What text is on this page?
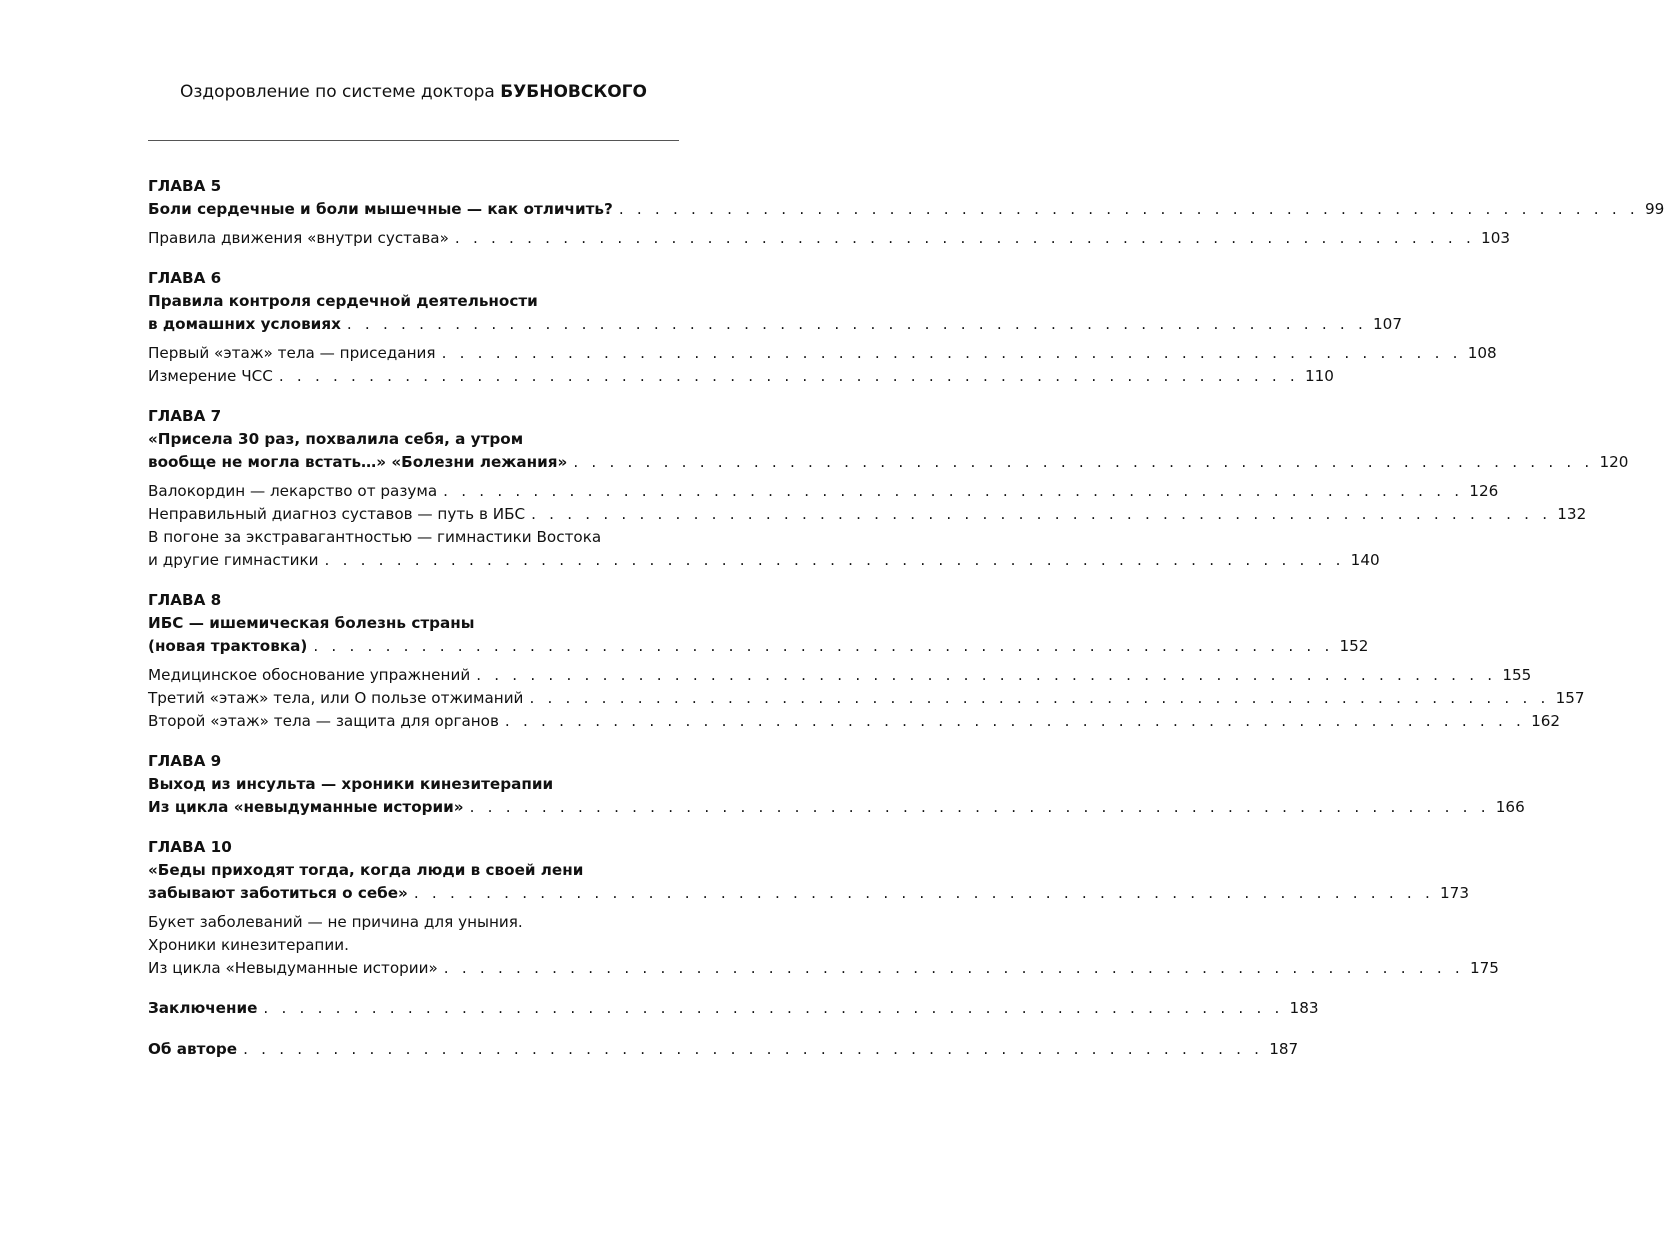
Оздоровление по системе доктора БУБНОВСКОГО
ГЛАВА 5
Боли сердечные и боли мышечные — как отличить? . . . . . . . . . . . . . . . . . . . . . . . . . . . . . . . . . . . . . . . . . . . . . . . . . . . . . . . . . 99
Правила движения «внутри сустава» . . . . . . . . . . . . . . . . . . . . . . . . . . . . . . . . . . . . . . . . . . . . . . . . . . . . . . . . . 103
ГЛАВА 6
Правила контроля сердечной деятельности
в домашних условиях . . . . . . . . . . . . . . . . . . . . . . . . . . . . . . . . . . . . . . . . . . . . . . . . . . . . . . . . . 107
Первый «этаж» тела — приседания . . . . . . . . . . . . . . . . . . . . . . . . . . . . . . . . . . . . . . . . . . . . . . . . . . . . . . . . . 108
Измерение ЧСС . . . . . . . . . . . . . . . . . . . . . . . . . . . . . . . . . . . . . . . . . . . . . . . . . . . . . . . . . 110
ГЛАВА 7
«Присела 30 раз, похвалила себя, а утром
вообще не могла встать…» «Болезни лежания» . . . . . . . . . . . . . . . . . . . . . . . . . . . . . . . . . . . . . . . . . . . . . . . . . . . . . . . . . 120
Валокордин — лекарство от разума . . . . . . . . . . . . . . . . . . . . . . . . . . . . . . . . . . . . . . . . . . . . . . . . . . . . . . . . . 126
Неправильный диагноз суставов — путь в ИБС . . . . . . . . . . . . . . . . . . . . . . . . . . . . . . . . . . . . . . . . . . . . . . . . . . . . . . . . . 132
В погоне за экстравагантностью — гимнастики Востока
и другие гимнастики . . . . . . . . . . . . . . . . . . . . . . . . . . . . . . . . . . . . . . . . . . . . . . . . . . . . . . . . . 140
ГЛАВА 8
ИБС — ишемическая болезнь страны
(новая трактовка) . . . . . . . . . . . . . . . . . . . . . . . . . . . . . . . . . . . . . . . . . . . . . . . . . . . . . . . . . 152
Медицинское обоснование упражнений . . . . . . . . . . . . . . . . . . . . . . . . . . . . . . . . . . . . . . . . . . . . . . . . . . . . . . . . . 155
Третий «этаж» тела, или О пользе отжиманий . . . . . . . . . . . . . . . . . . . . . . . . . . . . . . . . . . . . . . . . . . . . . . . . . . . . . . . . . 157
Второй «этаж» тела — защита для органов . . . . . . . . . . . . . . . . . . . . . . . . . . . . . . . . . . . . . . . . . . . . . . . . . . . . . . . . . 162
ГЛАВА 9
Выход из инсульта — хроники кинезитерапии
Из цикла «невыдуманные истории» . . . . . . . . . . . . . . . . . . . . . . . . . . . . . . . . . . . . . . . . . . . . . . . . . . . . . . . . . 166
ГЛАВА 10
«Беды приходят тогда, когда люди в своей лени
забывают заботиться о себе» . . . . . . . . . . . . . . . . . . . . . . . . . . . . . . . . . . . . . . . . . . . . . . . . . . . . . . . . . 173
Букет заболеваний — не причина для уныния.
Хроники кинезитерапии.
Из цикла «Невыдуманные истории» . . . . . . . . . . . . . . . . . . . . . . . . . . . . . . . . . . . . . . . . . . . . . . . . . . . . . . . . . 175
Заключение . . . . . . . . . . . . . . . . . . . . . . . . . . . . . . . . . . . . . . . . . . . . . . . . . . . . . . . . . 183
Об авторе . . . . . . . . . . . . . . . . . . . . . . . . . . . . . . . . . . . . . . . . . . . . . . . . . . . . . . . . . 187
